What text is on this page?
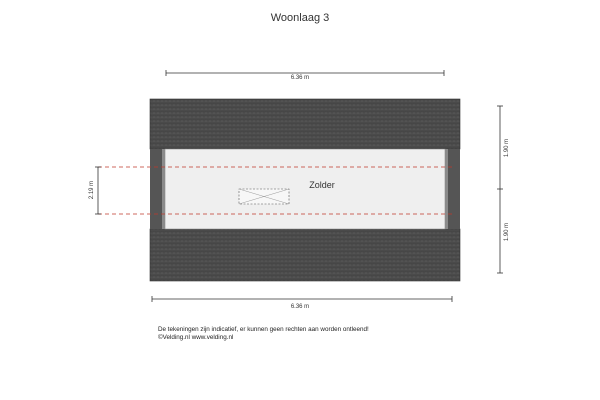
Woonlaag 3
6.36 m
Zolder
2.19 m
1.90 m
1.90 m
6.36 m
De tekeningen zijn indicatief, er kunnen geen rechten aan worden ontleend!
©Velding.nl www.velding.nl
